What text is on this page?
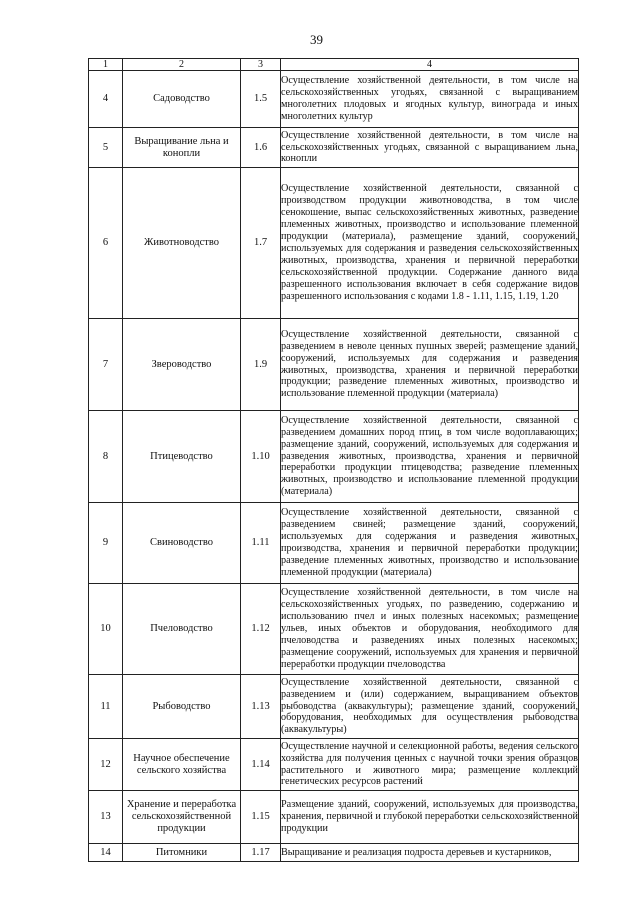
39
1	2	3	4
4	Садоводство	1.5	Осуществление хозяйственной деятельности, в том числе на сельскохозяйственных угодьях, связанной с выращиванием многолетних плодовых и ягодных культур, винограда и иных многолетних культур
5	Выращивание льна и конопли	1.6	Осуществление хозяйственной деятельности, в том числе на сельскохозяйственных угодьях, связанной с выращиванием льна, конопли
6	Животноводство	1.7	Осуществление хозяйственной деятельности, связанной с производством продукции животноводства, в том числе сенокошение, выпас сельскохозяйственных животных, разведение племенных животных, производство и использование племенной продукции (материала), размещение зданий, сооружений, используемых для содержания и разведения сельскохозяйственных животных, производства, хранения и первичной переработки сельскохозяйственной продукции. Содержание данного вида разрешенного использования включает в себя содержание видов разрешенного использования с кодами 1.8 - 1.11, 1.15, 1.19, 1.20
7	Звероводство	1.9	Осуществление хозяйственной деятельности, связанной с разведением в неволе ценных пушных зверей; размещение зданий, сооружений, используемых для содержания и разведения животных, производства, хранения и первичной переработки продукции; разведение племенных животных, производство и использование племенной продукции (материала)
8	Птицеводство	1.10	Осуществление хозяйственной деятельности, связанной с разведением домашних пород птиц, в том числе водоплавающих; размещение зданий, сооружений, используемых для содержания и разведения животных, производства, хранения и первичной переработки продукции птицеводства; разведение племенных животных, производство и использование племенной продукции (материала)
9	Свиноводство	1.11	Осуществление хозяйственной деятельности, связанной с разведением свиней; размещение зданий, сооружений, используемых для содержания и разведения животных, производства, хранения и первичной переработки продукции; разведение племенных животных, производство и использование племенной продукции (материала)
10	Пчеловодство	1.12	Осуществление хозяйственной деятельности, в том числе на сельскохозяйственных угодьях, по разведению, содержанию и использованию пчел и иных полезных насекомых; размещение ульев, иных объектов и оборудования, необходимого для пчеловодства и разведениях иных полезных насекомых; размещение сооружений, используемых для хранения и первичной переработки продукции пчеловодства
11	Рыбоводство	1.13	Осуществление хозяйственной деятельности, связанной с разведением и (или) содержанием, выращиванием объектов рыбоводства (аквакультуры); размещение зданий, сооружений, оборудования, необходимых для осуществления рыбоводства (аквакультуры)
12	Научное обеспечение сельского хозяйства	1.14	Осуществление научной и селекционной работы, ведения сельского хозяйства для получения ценных с научной точки зрения образцов растительного и животного мира; размещение коллекций генетических ресурсов растений
13	Хранение и переработка сельскохозяйственной продукции	1.15	Размещение зданий, сооружений, используемых для производства, хранения, первичной и глубокой переработки сельскохозяйственной продукции
14	Питомники	1.17	Выращивание и реализация подроста деревьев и кустарников,
